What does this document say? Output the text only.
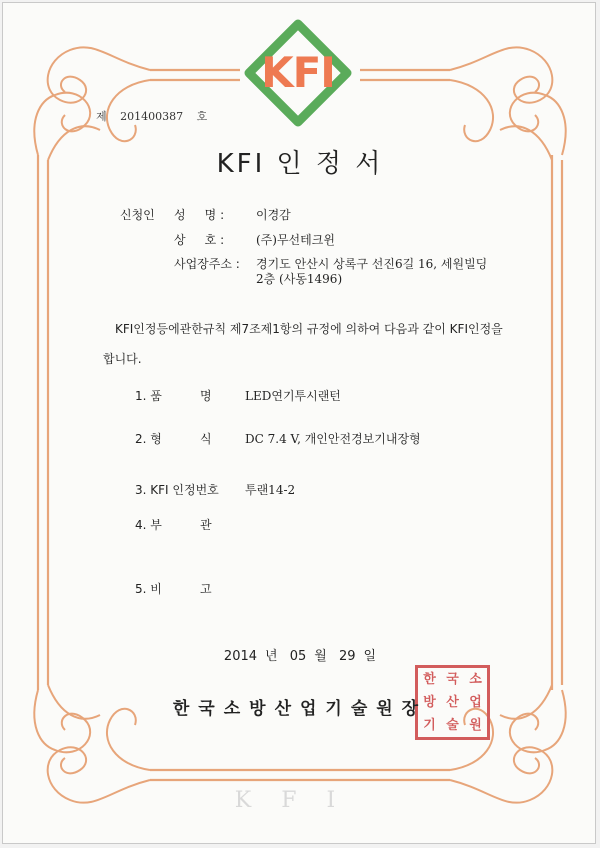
KFI
제 201400387 호
KFI 인 정 서
신청인 성     명 :	이경감
상     호 :	(주)무선테크윈
사업장주소 : 경기도 안산시 상록구 선진6길 16, 세원빌딩
2층 (사동1496)
KFI인정등에관한규칙 제7조제1항의 규정에 의하여 다음과 같이 KFI인정을
합니다.
1. 품          명	LED연기투시랜턴
2. 형          식	DC 7.4 V, 개인안전경보기내장형
3. KFI 인정번호 투랜14-2
4. 부          관
5. 비          고
2014 년 05 월 29 일
한 국 소
방 산 업
기 술 원
한국소방산업기술원장
KFI
